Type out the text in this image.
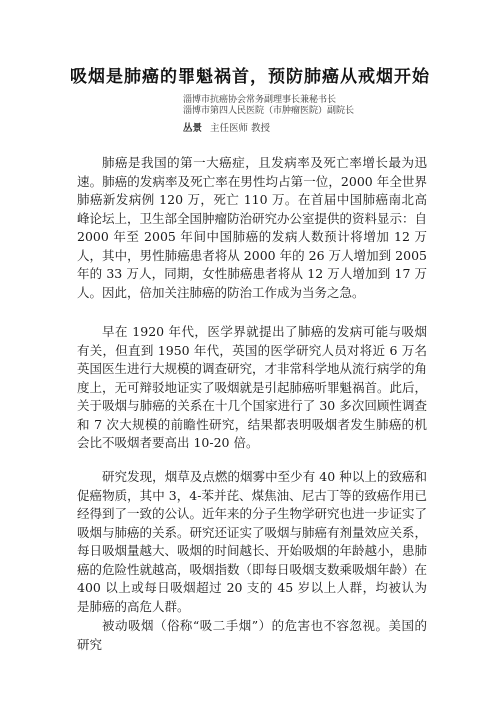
吸烟是肺癌的罪魁祸首，预防肺癌从戒烟开始
淄博市抗癌协会常务副理事长兼秘书长
淄博市第四人民医院（市肿瘤医院）副院长
丛景 主任医师 教授

肺癌是我国的第一大癌症，且发病率及死亡率增长最为迅速。肺癌的发病率及死亡率在男性均占第一位，2000 年全世界肺癌新发病例 120 万，死亡 110 万。在首届中国肺癌南北高峰论坛上，卫生部全国肿瘤防治研究办公室提供的资料显示：自 2000 年至 2005 年间中国肺癌的发病人数预计将增加 12 万人，其中，男性肺癌患者将从 2000 年的 26 万人增加到 2005 年的 33 万人，同期，女性肺癌患者将从 12 万人增加到 17 万人。因此，倍加关注肺癌的防治工作成为当务之急。

早在 1920 年代，医学界就提出了肺癌的发病可能与吸烟有关，但直到 1950 年代，英国的医学研究人员对将近 6 万名英国医生进行大规模的调查研究，才非常科学地从流行病学的角度上，无可辩驳地证实了吸烟就是引起肺癌听罪魁祸首。此后，关于吸烟与肺癌的关系在十几个国家进行了 30 多次回顾性调查和 7 次大规模的前瞻性研究，结果都表明吸烟者发生肺癌的机会比不吸烟者要高出 10-20 倍。

研究发现，烟草及点燃的烟雾中至少有 40 种以上的致癌和促癌物质，其中 3，4-苯并芘、煤焦油、尼古丁等的致癌作用已经得到了一致的公认。近年来的分子生物学研究也进一步证实了吸烟与肺癌的关系。研究还证实了吸烟与肺癌有剂量效应关系，每日吸烟量越大、吸烟的时间越长、开始吸烟的年龄越小，患肺癌的危险性就越高，吸烟指数（即每日吸烟支数乘吸烟年龄）在 400 以上或每日吸烟超过 20 支的 45 岁以上人群，均被认为是肺癌的高危人群。

被动吸烟（俗称“吸二手烟”）的危害也不容忽视。美国的研究
